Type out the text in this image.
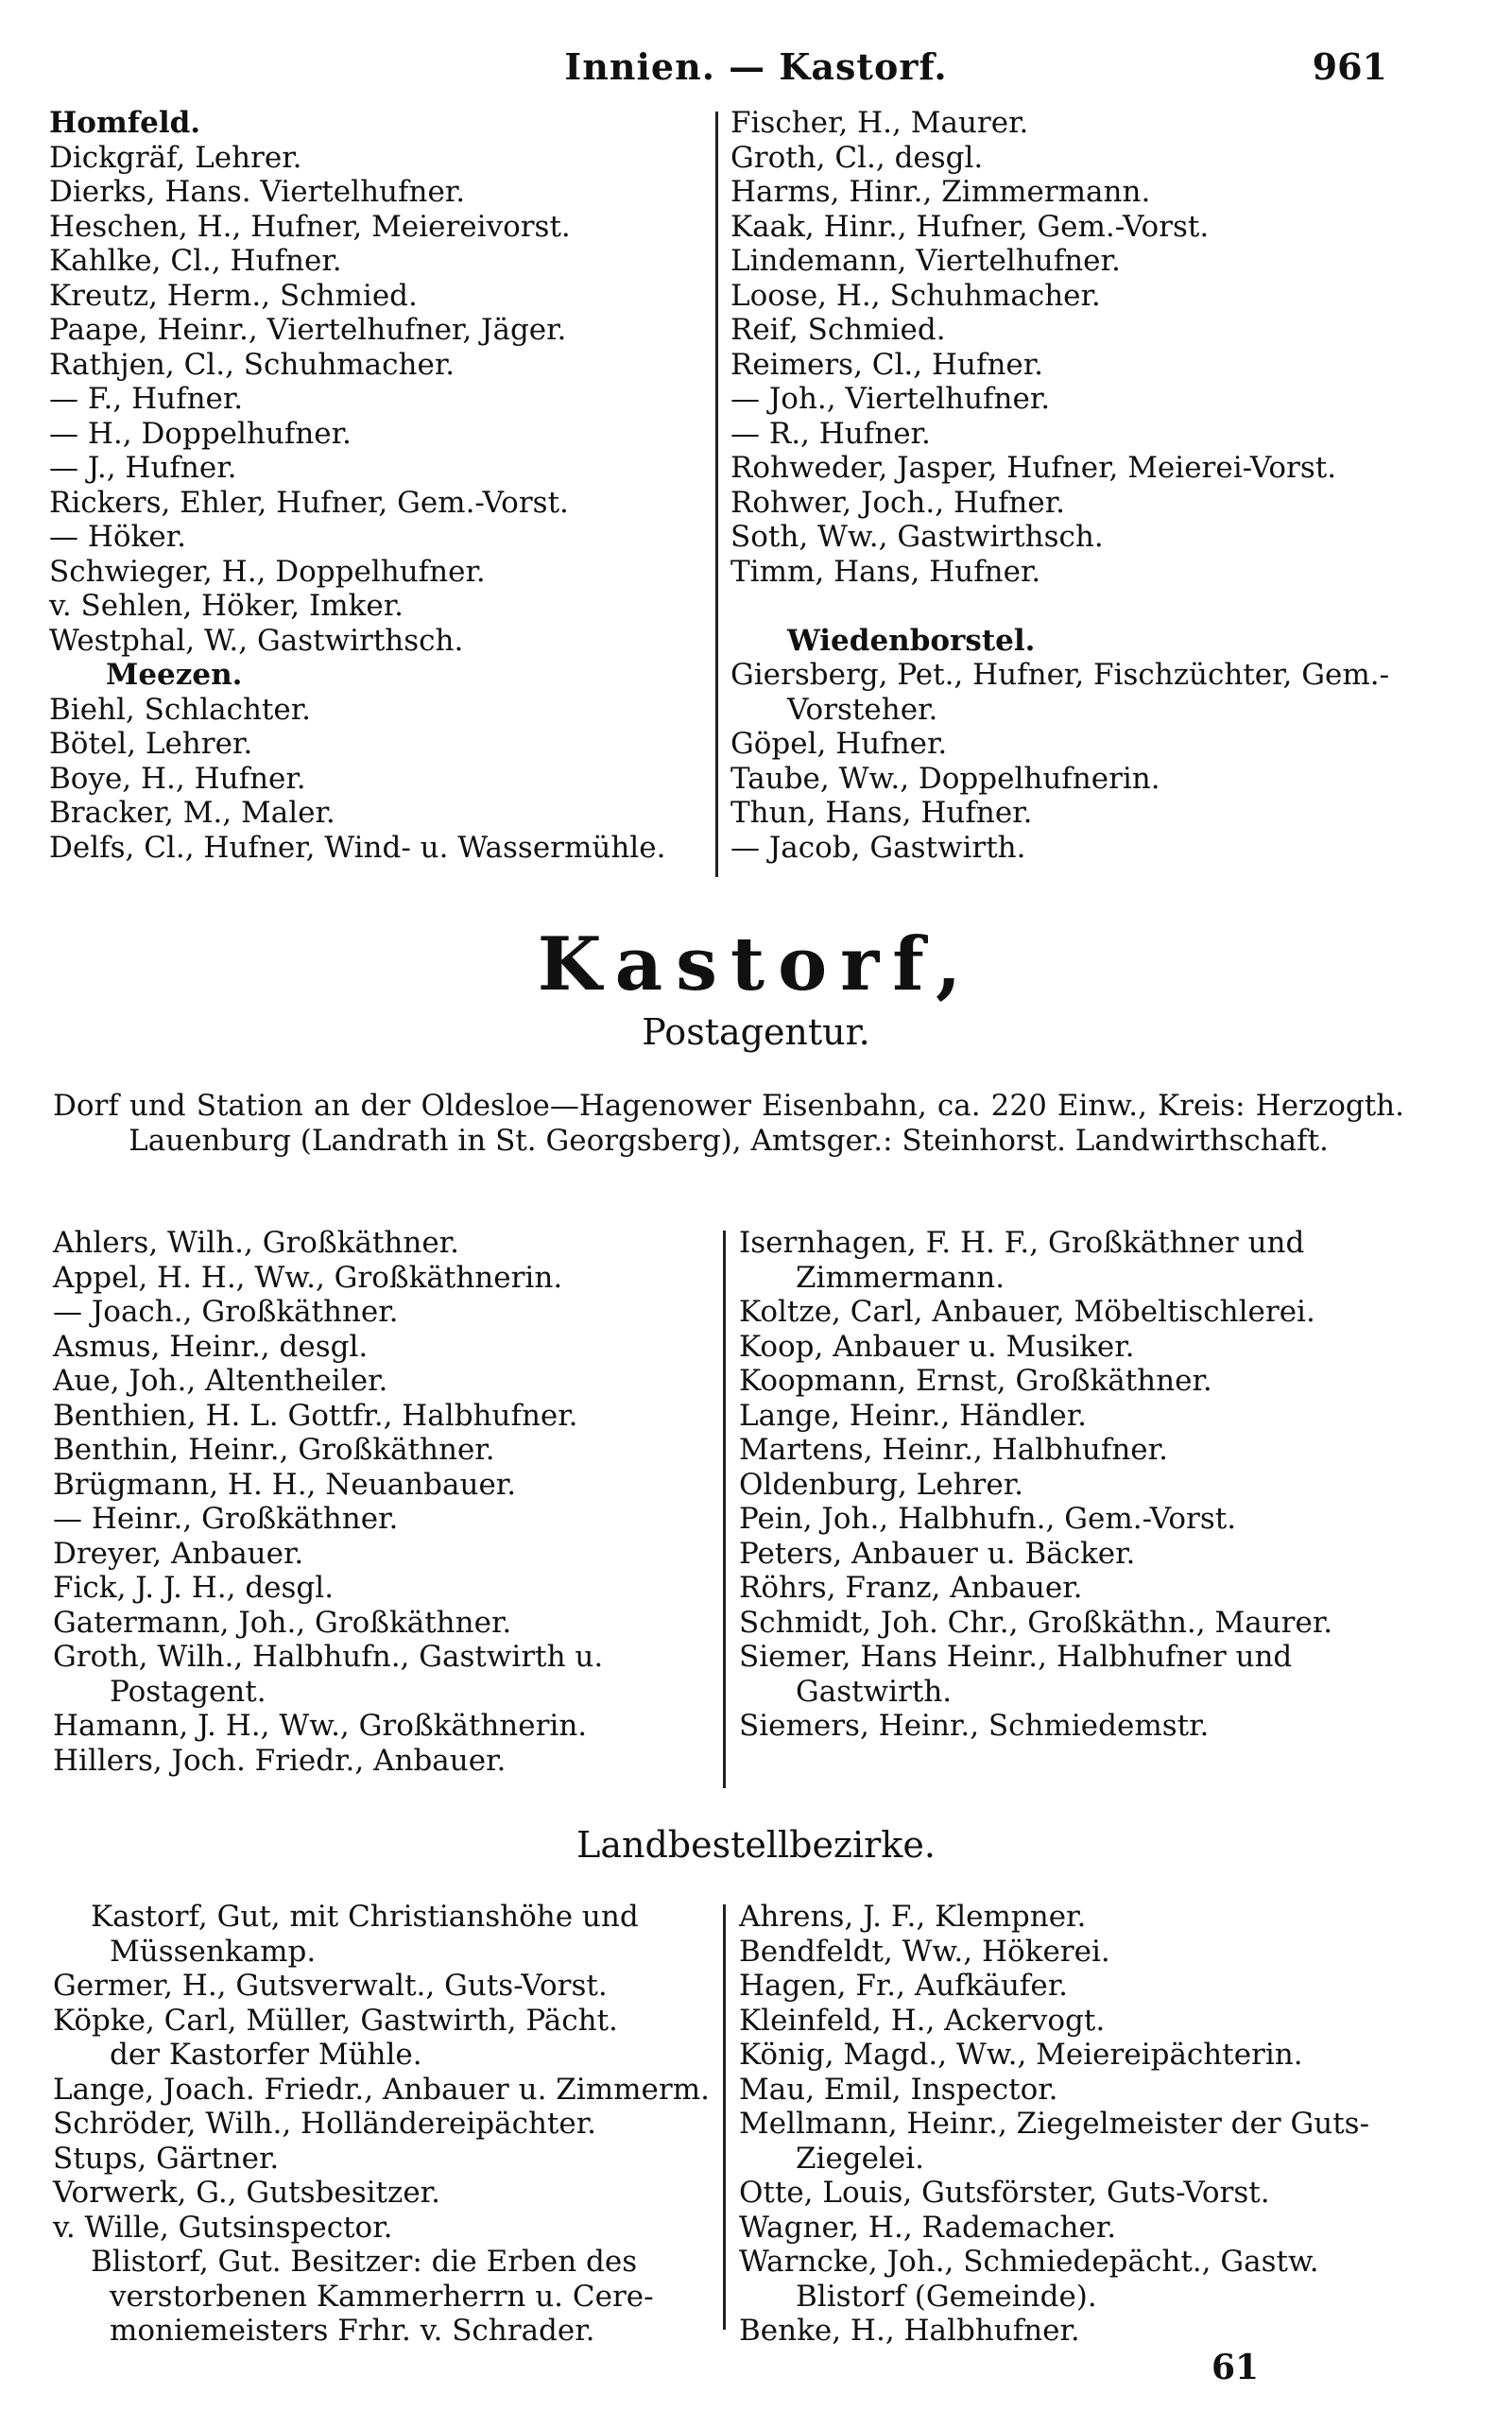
Innien. — Kastorf.	961
Homfeld.
Dickgräf, Lehrer.
Dierks, Hans. Viertelhufner.
Heschen, H., Hufner, Meiereivorst.
Kahlke, Cl., Hufner.
Kreutz, Herm., Schmied.
Paape, Heinr., Viertelhufner, Jäger.
Rathjen, Cl., Schuhmacher.
— F., Hufner.
— H., Doppelhufner.
— J., Hufner.
Rickers, Ehler, Hufner, Gem.-Vorst.
— Höker.
Schwieger, H., Doppelhufner.
v. Sehlen, Höker, Imker.
Westphal, W., Gastwirthsch.
Meezen.
Biehl, Schlachter.
Bötel, Lehrer.
Boye, H., Hufner.
Bracker, M., Maler.
Delfs, Cl., Hufner, Wind- u. Wassermühle.
Fischer, H., Maurer.
Groth, Cl., desgl.
Harms, Hinr., Zimmermann.
Kaak, Hinr., Hufner, Gem.-Vorst.
Lindemann, Viertelhufner.
Loose, H., Schuhmacher.
Reif, Schmied.
Reimers, Cl., Hufner.
— Joh., Viertelhufner.
— R., Hufner.
Rohweder, Jasper, Hufner, Meierei-Vorst.
Rohwer, Joch., Hufner.
Soth, Ww., Gastwirthsch.
Timm, Hans, Hufner.

Wiedenborstel.
Giersberg, Pet., Hufner, Fischzüchter, Gem.-
Vorsteher.
Göpel, Hufner.
Taube, Ww., Doppelhufnerin.
Thun, Hans, Hufner.
— Jacob, Gastwirth.
Kastorf,
Postagentur.
Dorf und Station an der Oldesloe—Hagenower Eisenbahn, ca. 220 Einw., Kreis: Herzogth. Lauenburg (Landrath in St. Georgsberg), Amtsger.: Steinhorst. Landwirthschaft.
Ahlers, Wilh., Großkäthner.
Appel, H. H., Ww., Großkäthnerin.
— Joach., Großkäthner.
Asmus, Heinr., desgl.
Aue, Joh., Altentheiler.
Benthien, H. L. Gottfr., Halbhufner.
Benthin, Heinr., Großkäthner.
Brügmann, H. H., Neuanbauer.
— Heinr., Großkäthner.
Dreyer, Anbauer.
Fick, J. J. H., desgl.
Gatermann, Joh., Großkäthner.
Groth, Wilh., Halbhufn., Gastwirth u.
Postagent.
Hamann, J. H., Ww., Großkäthnerin.
Hillers, Joch. Friedr., Anbauer.
Isernhagen, F. H. F., Großkäthner und
Zimmermann.
Koltze, Carl, Anbauer, Möbeltischlerei.
Koop, Anbauer u. Musiker.
Koopmann, Ernst, Großkäthner.
Lange, Heinr., Händler.
Martens, Heinr., Halbhufner.
Oldenburg, Lehrer.
Pein, Joh., Halbhufn., Gem.-Vorst.
Peters, Anbauer u. Bäcker.
Röhrs, Franz, Anbauer.
Schmidt, Joh. Chr., Großkäthn., Maurer.
Siemer, Hans Heinr., Halbhufner und
Gastwirth.
Siemers, Heinr., Schmiedemstr.
Landbestellbezirke.
Kastorf, Gut, mit Christianshöhe und
Müssenkamp.
Germer, H., Gutsverwalt., Guts-Vorst.
Köpke, Carl, Müller, Gastwirth, Pächt.
der Kastorfer Mühle.
Lange, Joach. Friedr., Anbauer u. Zimmerm.
Schröder, Wilh., Holländereipächter.
Stups, Gärtner.
Vorwerk, G., Gutsbesitzer.
v. Wille, Gutsinspector.
Blistorf, Gut. Besitzer: die Erben des
verstorbenen Kammerherrn u. Cere-
moniemeisters Frhr. v. Schrader.
Ahrens, J. F., Klempner.
Bendfeldt, Ww., Hökerei.
Hagen, Fr., Aufkäufer.
Kleinfeld, H., Ackervogt.
König, Magd., Ww., Meiereipächterin.
Mau, Emil, Inspector.
Mellmann, Heinr., Ziegelmeister der Guts-
Ziegelei.
Otte, Louis, Gutsförster, Guts-Vorst.
Wagner, H., Rademacher.
Warncke, Joh., Schmiedepächt., Gastw.
Blistorf (Gemeinde).
Benke, H., Halbhufner.
61
